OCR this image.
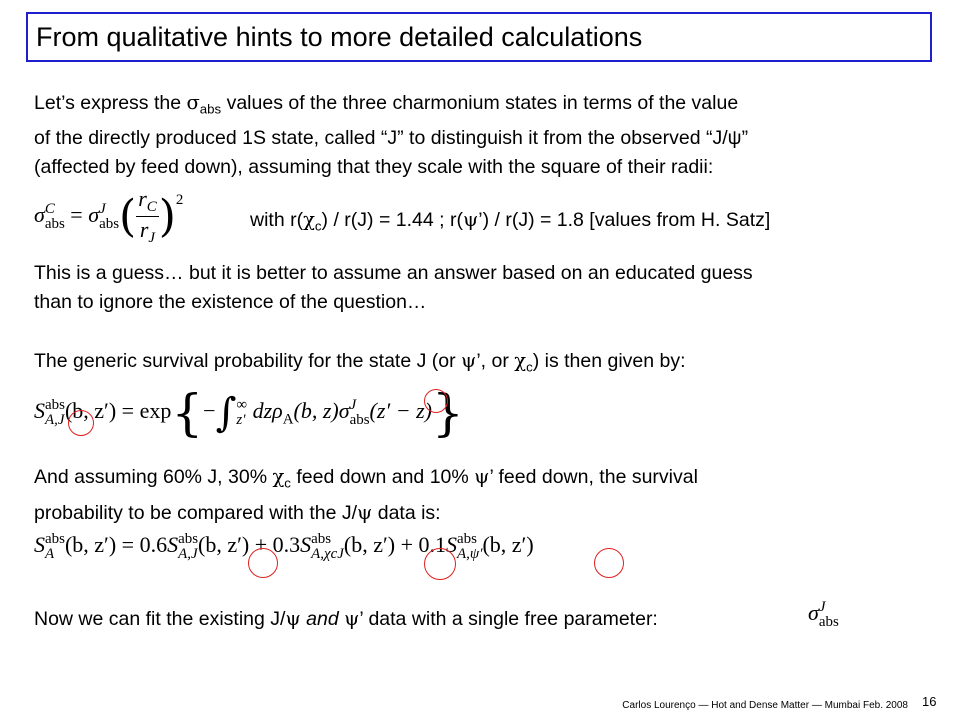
From qualitative hints to more detailed calculations
Let’s express the $\sigma_{abs}$ values of the three charmonium states in terms of the value
of the directly produced 1S state, called “J” to distinguish it from the observed “J/ψ”
(affected by feed down), assuming that they scale with the square of their radii:
σ C
abs = σ J
abs ( $\frac{r_C}{r_J} )^2$
with $r(\chi_c) / r(J) = 1.44$ ; r(ψ’) / r(J) = 1.8 [values from H. Satz]
This is a guess… but it is better to assume an answer based on an educated guess
than to ignore the existence of the question…
The generic survival probability for the state J (or ψ’, or $\chi_c$) is then given by:
S abs
A,J (b, z′) = exp{−∫ ∞
z′ dzρ$_A$(b, z)σ J
abs (z′ − z)}
And assuming 60% J, 30% $\chi_c$ feed down and 10% ψ’ feed down, the survival
probability to be compared with the J/ψ data is:
S abs
A (b, z′) = 0.6S abs
A,J (b, z′) + 0.3S abs
A,χcJ (b, z′) + 0.1S abs
A,ψ′ (b, z′)
Now we can fit the existing J/ψ and ψ’ data with a single free parameter:	σ J
abs
Carlos Lourenço — Hot and Dense Matter — Mumbai Feb. 2008 16
